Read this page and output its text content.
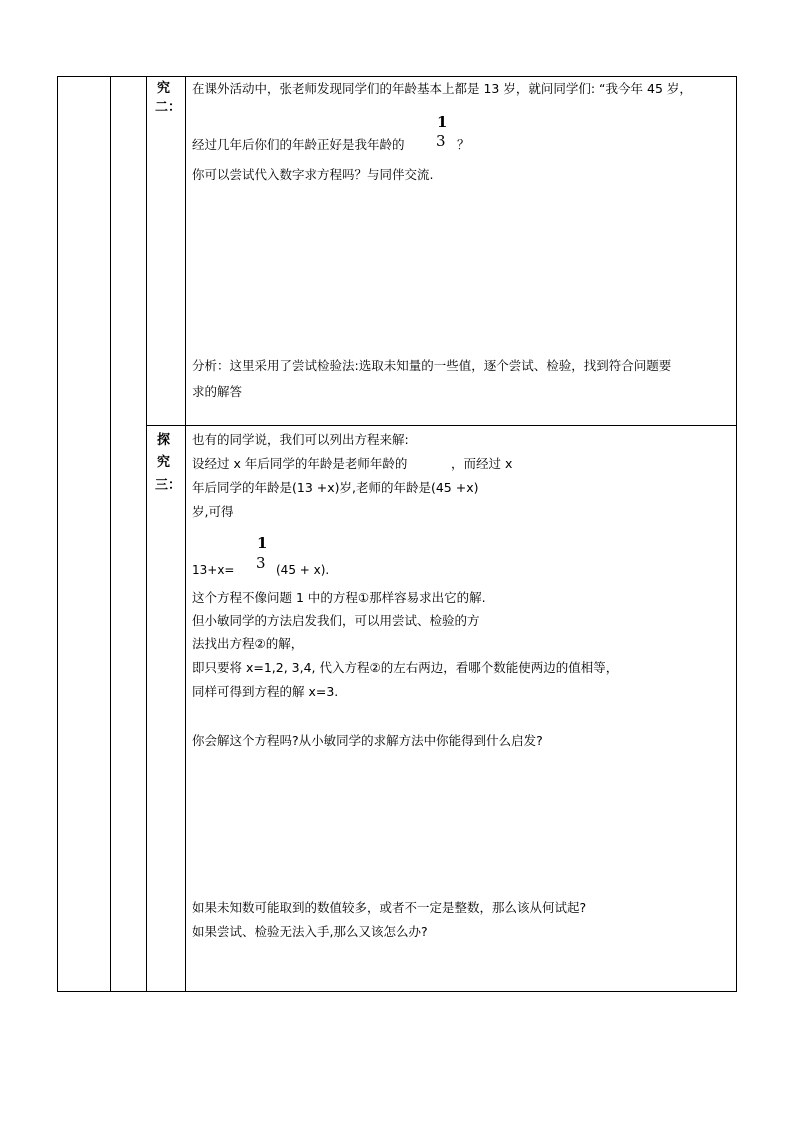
究
二：
在课外活动中，张老师发现同学们的年龄基本上都是 13 岁，就问同学们: “我今年 45 岁，
经过几年后你们的年龄正好是我年龄的
1
3 ？
你可以尝试代入数字求方程吗？与同伴交流.
分析：这里采用了尝试检验法:选取未知量的一些值，逐个尝试、检验，找到符合问题要
求的解答
探
究
三：
也有的同学说，我们可以列出方程来解:
设经过 x 年后同学的年龄是老师年龄的	，而经过 x
年后同学的年龄是(13 +x)岁,老师的年龄是(45 +x)
岁,可得
13+x=
1
3 (45 + x).
这个方程不像问题 1 中的方程①那样容易求出它的解.
但小敏同学的方法启发我们，可以用尝试、检验的方
法找出方程②的解，
即只要将 x=1,2, 3,4, 代入方程②的左右两边，看哪个数能使两边的值相等，
同样可得到方程的解 x=3.
你会解这个方程吗?从小敏同学的求解方法中你能得到什么启发?
如果未知数可能取到的数值较多，或者不一定是整数，那么该从何试起?
如果尝试、检验无法入手,那么又该怎么办?
